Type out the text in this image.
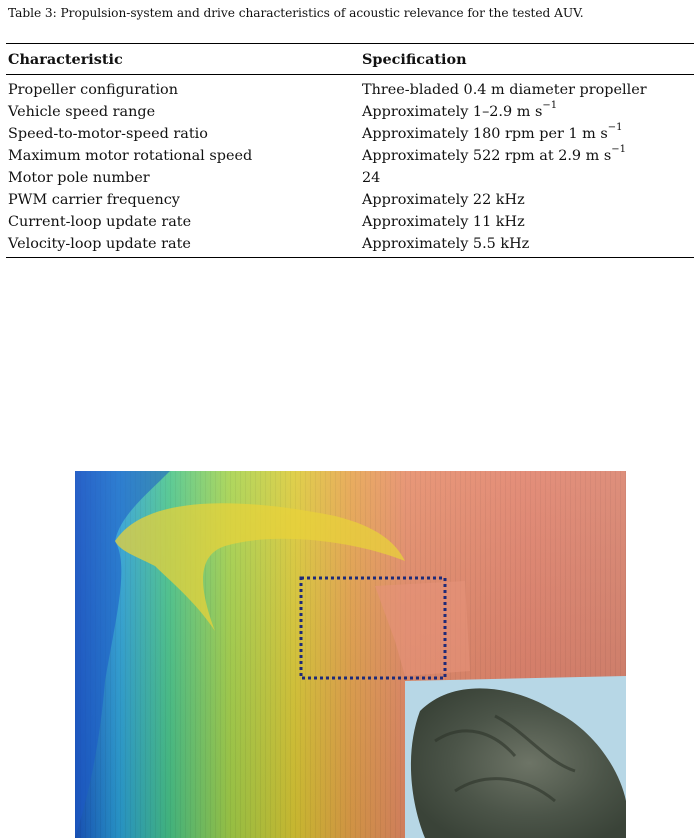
Table 3: Propulsion-system and drive characteristics of acoustic relevance for the tested AUV.
Characteristic	Specification
Propeller configuration	Three-bladed 0.4 m diameter propeller
Vehicle speed range	Approximately 1–2.9 m $s^{-1}$
Speed-to-motor-speed ratio	Approximately 180 rpm per 1 m $s^{-1}$
Maximum motor rotational speed	Approximately 522 rpm at 2.9 m $s^{-1}$
Motor pole number	24
PWM carrier frequency	Approximately 22 kHz
Current-loop update rate	Approximately 11 kHz
Velocity-loop update rate	Approximately 5.5 kHz
